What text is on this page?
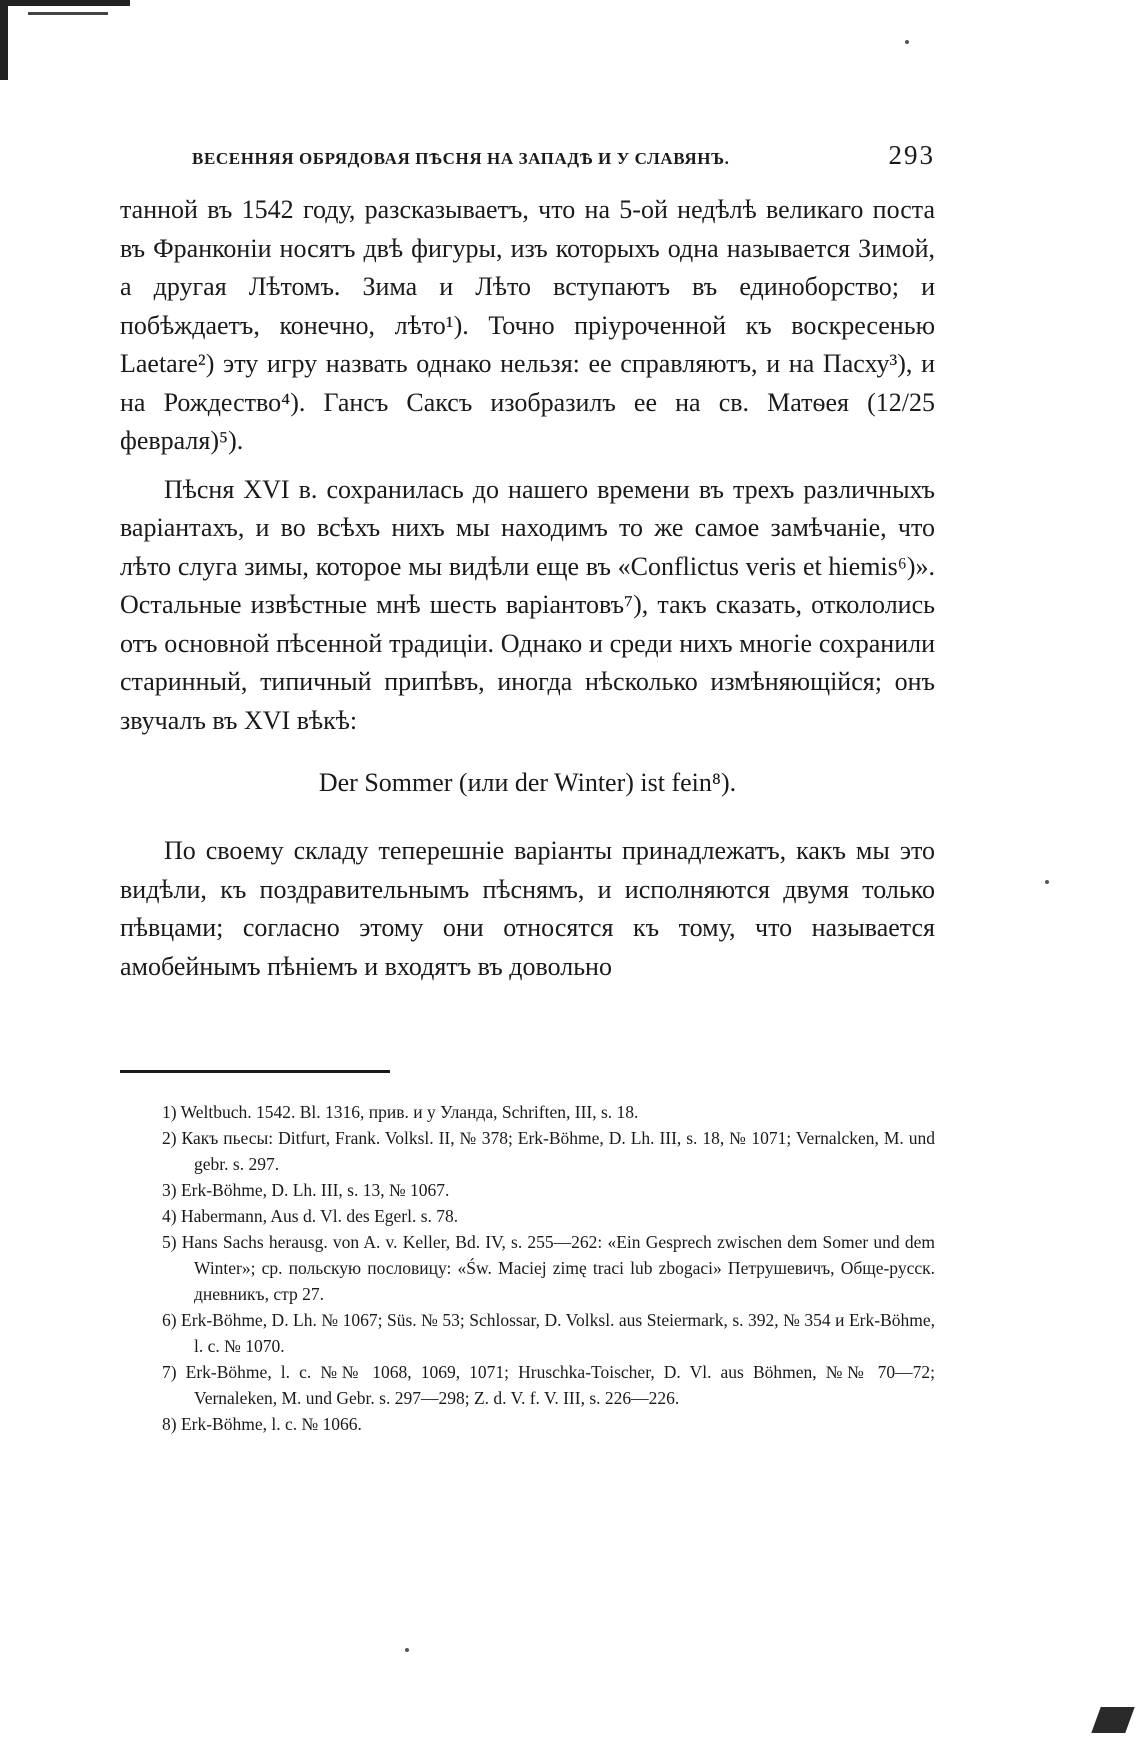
ВЕСЕННЯЯ ОБРЯДОВАЯ ПѢСНЯ НА ЗАПАДѢ И У СЛАВЯНЪ.	293

танной въ 1542 году, разсказываетъ, что на 5-ой недѣлѣ великаго поста въ Франконіи носятъ двѣ фигуры, изъ которыхъ одна называется Зимой, а другая Лѣтомъ. Зима и Лѣто вступаютъ въ единоборство; и побѣждаетъ, конечно, лѣто¹). Точно пріуроченной къ воскресенью Laetare²) эту игру назвать однако нельзя: ее справляютъ, и на Пасху³), и на Рождество⁴). Гансъ Саксъ изобразилъ ее на св. Матѳея (12/25 февраля)⁵).

Пѣсня XVI в. сохранилась до нашего времени въ трехъ различныхъ варіантахъ, и во всѣхъ нихъ мы находимъ то же самое замѣчаніе, что лѣто слуга зимы, которое мы видѣли еще въ «Conflictus veris et hiemis⁶)». Остальные извѣстные мнѣ шесть варіантовъ⁷), такъ сказать, откололись отъ основной пѣсенной традиціи. Однако и среди нихъ многіе сохранили старинный, типичный припѣвъ, иногда нѣсколько измѣняющійся; онъ звучалъ въ XVI вѣкѣ:

Der Sommer (или der Winter) ist fein⁸).

По своему складу теперешніе варіанты принадлежатъ, какъ мы это видѣли, къ поздравительнымъ пѣснямъ, и исполняются двумя только пѣвцами; согласно этому они относятся къ тому, что называется амобейнымъ пѣніемъ и входятъ въ довольно

1) Weltbuch. 1542. Bl. 1316, прив. и у Уланда, Schriften, III, s. 18.

2) Какъ пьесы: Ditfurt, Frank. Volksl. II, № 378; Erk-Böhme, D. Lh. III, s. 18, № 1071; Vernalcken, M. und gebr. s. 297.

3) Erk-Böhme, D. Lh. III, s. 13, № 1067.

4) Habermann, Aus d. Vl. des Egerl. s. 78.

5) Hans Sachs herausg. von A. v. Keller, Bd. IV, s. 255—262: «Ein Gesprech zwischen dem Somer und dem Winter»; ср. польскую пословицу: «Św. Maciej zimę traci lub zbogaci» Петрушевичъ, Обще-русск. дневникъ, стр 27.

6) Erk-Böhme, D. Lh. № 1067; Süs. № 53; Schlossar, D. Volksl. aus Steiermark, s. 392, № 354 и Erk-Böhme, l. c. № 1070.

7) Erk-Böhme, l. c. №№ 1068, 1069, 1071; Hruschka-Toischer, D. Vl. aus Böhmen, №№ 70—72; Vernaleken, M. und Gebr. s. 297—298; Z. d. V. f. V. III, s. 226—226.

8) Erk-Böhme, l. c. № 1066.
